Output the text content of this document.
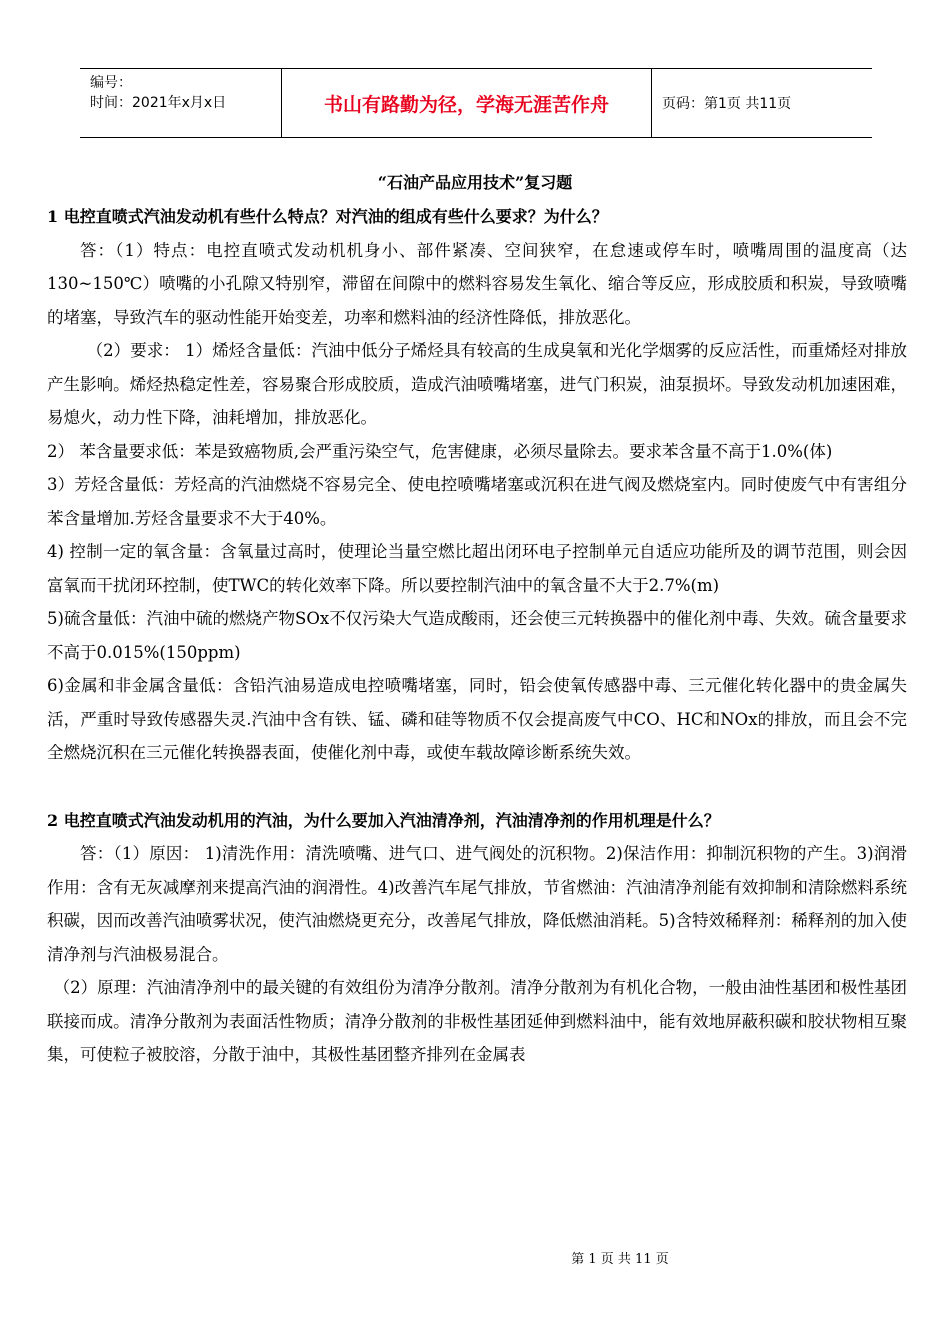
编号：
时间：2021年x月x日	书山有路勤为径，学海无涯苦作舟	页码：第1页 共11页
“石油产品应用技术”复习题

1 电控直喷式汽油发动机有些什么特点？对汽油的组成有些什么要求？为什么？

答：（1）特点：电控直喷式发动机机身小、部件紧凑、空间狭窄，在怠速或停车时，喷嘴周围的温度高（达130~150℃）喷嘴的小孔隙又特别窄，滞留在间隙中的燃料容易发生氧化、缩合等反应，形成胶质和积炭，导致喷嘴的堵塞，导致汽车的驱动性能开始变差，功率和燃料油的经济性降低，排放恶化。

（2）要求： 1）烯烃含量低：汽油中低分子烯烃具有较高的生成臭氧和光化学烟雾的反应活性，而重烯烃对排放产生影响。烯烃热稳定性差，容易聚合形成胶质，造成汽油喷嘴堵塞，进气门积炭，油泵损坏。导致发动机加速困难，易熄火，动力性下降，油耗增加，排放恶化。

2） 苯含量要求低：苯是致癌物质,会严重污染空气，危害健康，必须尽量除去。要求苯含量不高于1.0%(体)

3）芳烃含量低：芳烃高的汽油燃烧不容易完全、使电控喷嘴堵塞或沉积在进气阀及燃烧室内。同时使废气中有害组分苯含量增加.芳烃含量要求不大于40%。

4) 控制一定的氧含量：含氧量过高时，使理论当量空燃比超出闭环电子控制单元自适应功能所及的调节范围，则会因富氧而干扰闭环控制，使TWC的转化效率下降。所以要控制汽油中的氧含量不大于2.7%(m)

5)硫含量低：汽油中硫的燃烧产物SOx不仅污染大气造成酸雨，还会使三元转换器中的催化剂中毒、失效。硫含量要求不高于0.015%(150ppm)

6)金属和非金属含量低：含铅汽油易造成电控喷嘴堵塞，同时，铅会使氧传感器中毒、三元催化转化器中的贵金属失活，严重时导致传感器失灵.汽油中含有铁、锰、磷和硅等物质不仅会提高废气中CO、HC和NOx的排放，而且会不完全燃烧沉积在三元催化转换器表面，使催化剂中毒，或使车载故障诊断系统失效。

2 电控直喷式汽油发动机用的汽油，为什么要加入汽油清净剂，汽油清净剂的作用机理是什么？

答：（1）原因： 1)清洗作用：清洗喷嘴、进气口、进气阀处的沉积物。2)保洁作用：抑制沉积物的产生。3)润滑作用：含有无灰减摩剂来提高汽油的润滑性。4)改善汽车尾气排放，节省燃油：汽油清净剂能有效抑制和清除燃料系统积碳，因而改善汽油喷雾状况，使汽油燃烧更充分，改善尾气排放，降低燃油消耗。5)含特效稀释剂：稀释剂的加入使清净剂与汽油极易混合。

（2）原理：汽油清净剂中的最关键的有效组份为清净分散剂。清净分散剂为有机化合物，一般由油性基团和极性基团联接而成。清净分散剂为表面活性物质；清净分散剂的非极性基团延伸到燃料油中，能有效地屏蔽积碳和胶状物相互聚集，可使粒子被胶溶，分散于油中，其极性基团整齐排列在金属表

第 1 页 共 11 页
